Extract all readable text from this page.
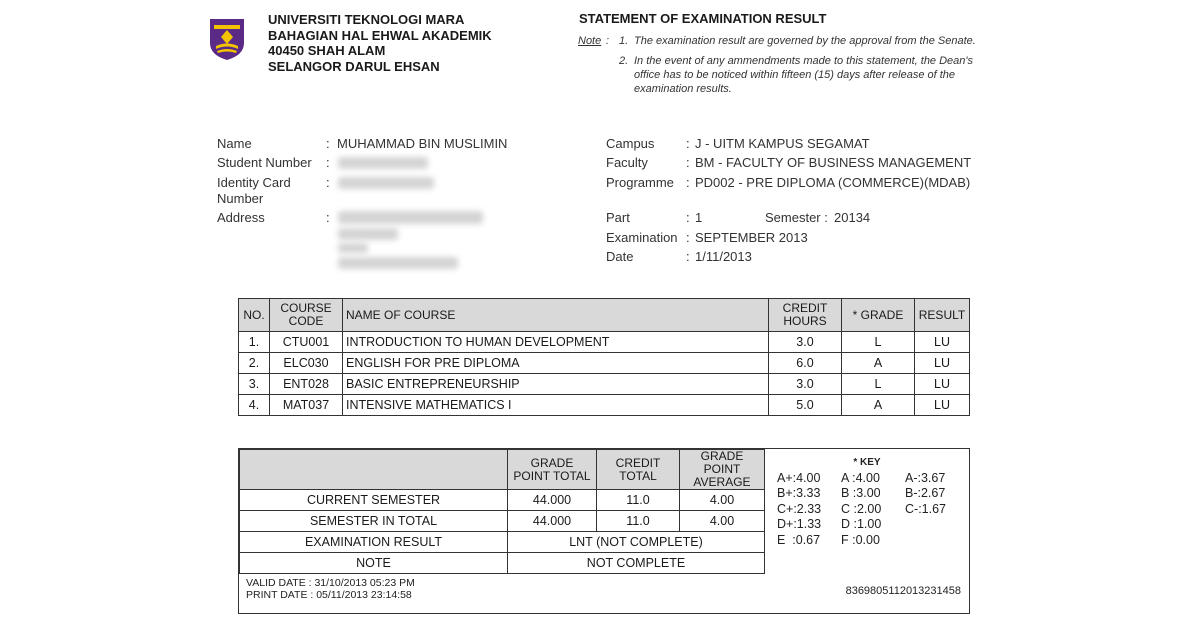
UNIVERSITI TEKNOLOGI MARA
BAHAGIAN HAL EHWAL AKADEMIK
40450 SHAH ALAM
SELANGOR DARUL EHSAN
STATEMENT OF EXAMINATION RESULT
Note : 1. The examination result are governed by the approval from the Senate.
2. In the event of any ammendments made to this statement, the Dean's office has to be noticed within fifteen (15) days after release of the examination results.
Name	: MUHAMMAD BIN MUSLIMIN
Student Number :
Identity Card Number
:
Address	:
Campus : J - UITM KAMPUS SEGAMAT
Faculty	: BM - FACULTY OF BUSINESS MANAGEMENT
Programme : PD002 - PRE DIPLOMA (COMMERCE)(MDAB)
Part	: 1	Semester : 20134
Examination : SEPTEMBER 2013
Date	: 1/11/2013
NO.	COURSE CODE	NAME OF COURSE	CREDIT HOURS	* GRADE	RESULT
1.	CTU001	INTRODUCTION TO HUMAN DEVELOPMENT	3.0	L	LU
2.	ELC030	ENGLISH FOR PRE DIPLOMA	6.0	A	LU
3.	ENT028	BASIC ENTREPRENEURSHIP	3.0	L	LU
4.	MAT037	INTENSIVE MATHEMATICS I	5.0	A	LU
	GRADE POINT TOTAL	CREDIT TOTAL	GRADE POINT AVERAGE
CURRENT SEMESTER	44.000	11.0	4.00
SEMESTER IN TOTAL	44.000	11.0	4.00
EXAMINATION RESULT	LNT (NOT COMPLETE)		
NOTE	NOT COMPLETE		
* KEY
A+:4.00 A :4.00 A-:3.67
B+:3.33 B :3.00 B-:2.67
C+:2.33 C :2.00 C-:1.67
D+:1.33 D :1.00
E  :0.67 F :0.00
VALID DATE : 31/10/2013 05:23 PM
PRINT DATE : 05/11/2013 23:14:58	8369805112013231458
